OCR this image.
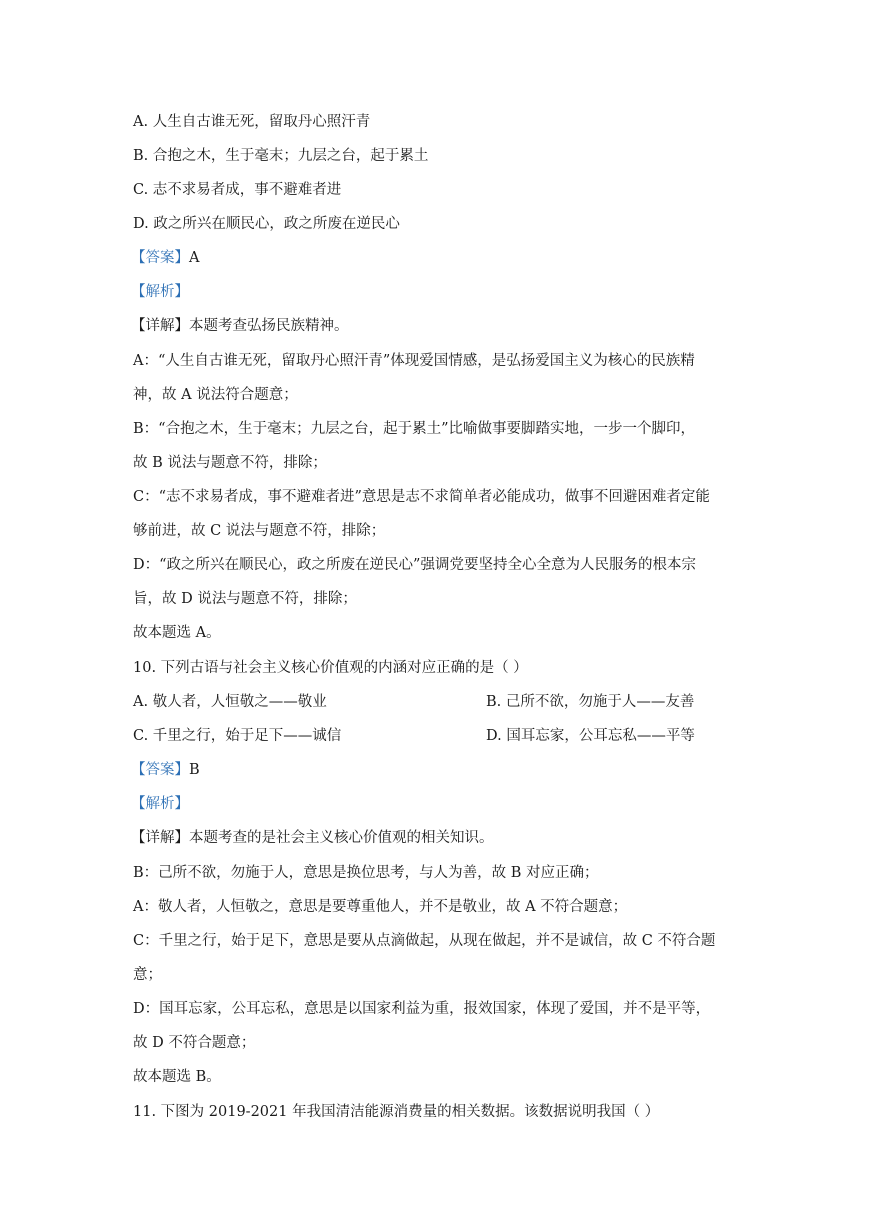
A. 人生自古谁无死，留取丹心照汗青
B. 合抱之木，生于毫末；九层之台，起于累土
C. 志不求易者成，事不避难者进
D. 政之所兴在顺民心，政之所废在逆民心
【答案】A
【解析】
【详解】本题考查弘扬民族精神。
A：“人生自古谁无死，留取丹心照汗青”体现爱国情感，是弘扬爱国主义为核心的民族精
神，故 A 说法符合题意；
B：“合抱之木，生于毫末；九层之台，起于累土”比喻做事要脚踏实地，一步一个脚印，
故 B 说法与题意不符，排除；
C：“志不求易者成，事不避难者进”意思是志不求简单者必能成功，做事不回避困难者定能
够前进，故 C 说法与题意不符，排除；
D：“政之所兴在顺民心，政之所废在逆民心”强调党要坚持全心全意为人民服务的根本宗
旨，故 D 说法与题意不符，排除；
故本题选 A。
10. 下列古语与社会主义核心价值观的内涵对应正确的是（ ）
A. 敬人者，人恒敬之——敬业	B. 己所不欲，勿施于人——友善
C. 千里之行，始于足下——诚信	D. 国耳忘家，公耳忘私——平等
【答案】B
【解析】
【详解】本题考查的是社会主义核心价值观的相关知识。
B：己所不欲，勿施于人，意思是换位思考，与人为善，故 B 对应正确；
A：敬人者，人恒敬之，意思是要尊重他人，并不是敬业，故 A 不符合题意；
C：千里之行，始于足下，意思是要从点滴做起，从现在做起，并不是诚信，故 C 不符合题
意；
D：国耳忘家，公耳忘私，意思是以国家利益为重，报效国家，体现了爱国，并不是平等，
故 D 不符合题意；
故本题选 B。
11. 下图为 2019-2021 年我国清洁能源消费量的相关数据。该数据说明我国（ ）
